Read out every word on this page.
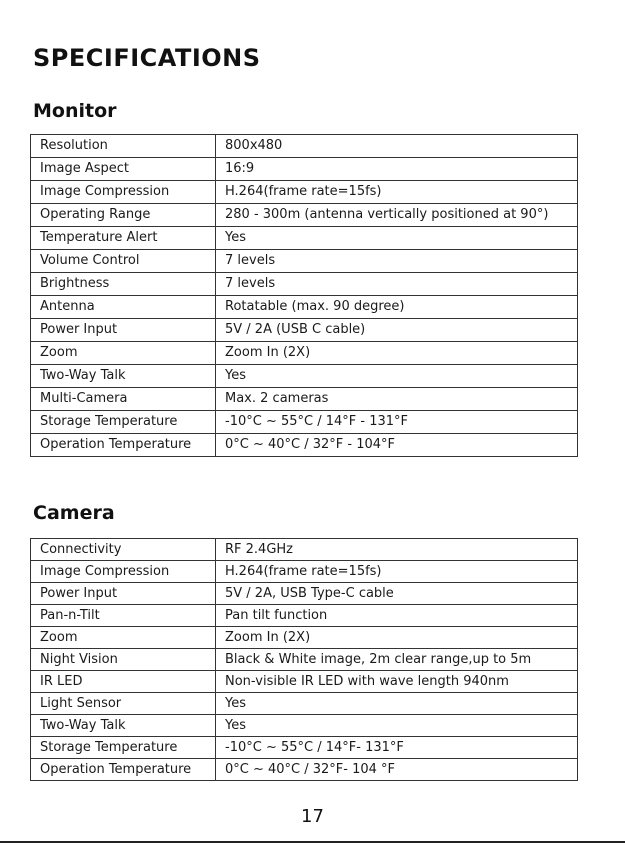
SPECIFICATIONS
Monitor
Resolution	800x480
Image Aspect	16:9
Image Compression	H.264(frame rate=15fs)
Operating Range	280 - 300m (antenna vertically positioned at 90°)
Temperature Alert	Yes
Volume Control	7 levels
Brightness	7 levels
Antenna	Rotatable (max. 90 degree)
Power Input	5V / 2A (USB C cable)
Zoom	Zoom In (2X)
Two-Way Talk	Yes
Multi-Camera	Max. 2 cameras
Storage Temperature	-10°C ~ 55°C / 14°F - 131°F
Operation Temperature	0°C ~ 40°C / 32°F - 104°F
Camera
Connectivity	RF 2.4GHz
Image Compression	H.264(frame rate=15fs)
Power Input	5V / 2A, USB Type-C cable
Pan-n-Tilt	Pan tilt function
Zoom	Zoom In (2X)
Night Vision	Black & White image, 2m clear range,up to 5m
IR LED	Non-visible IR LED with wave length 940nm
Light Sensor	Yes
Two-Way Talk	Yes
Storage Temperature	-10°C ~ 55°C / 14°F- 131°F
Operation Temperature	0°C ~ 40°C / 32°F- 104 °F
17
